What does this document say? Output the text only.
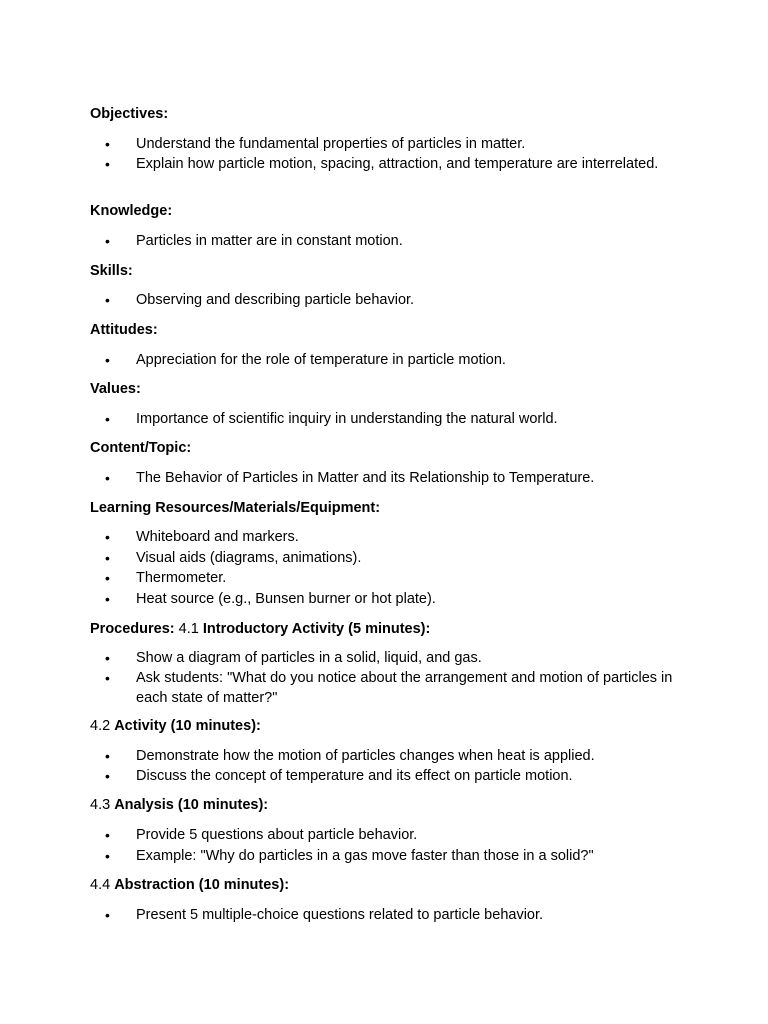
Objectives:

• Understand the fundamental properties of particles in matter.

• Explain how particle motion, spacing, attraction, and temperature are interrelated.

Knowledge:

• Particles in matter are in constant motion.

Skills:

• Observing and describing particle behavior.

Attitudes:

• Appreciation for the role of temperature in particle motion.

Values:

• Importance of scientific inquiry in understanding the natural world.

Content/Topic:

• The Behavior of Particles in Matter and its Relationship to Temperature.

Learning Resources/Materials/Equipment:

• Whiteboard and markers.

• Visual aids (diagrams, animations).

• Thermometer.

• Heat source (e.g., Bunsen burner or hot plate).

Procedures: 4.1 Introductory Activity (5 minutes):

• Show a diagram of particles in a solid, liquid, and gas.

• Ask students: "What do you notice about the arrangement and motion of particles in each state of matter?"

4.2 Activity (10 minutes):

• Demonstrate how the motion of particles changes when heat is applied.

• Discuss the concept of temperature and its effect on particle motion.

4.3 Analysis (10 minutes):

• Provide 5 questions about particle behavior.

• Example: "Why do particles in a gas move faster than those in a solid?"

4.4 Abstraction (10 minutes):

• Present 5 multiple-choice questions related to particle behavior.
